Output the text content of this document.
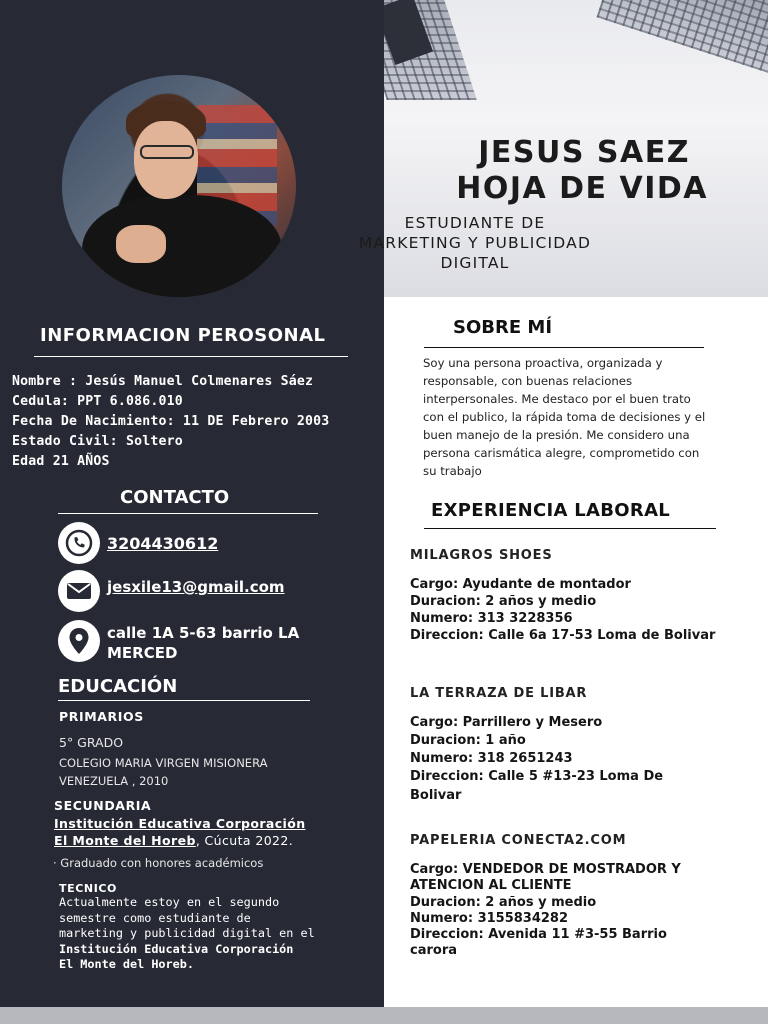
INFORMACION PEROSONAL
Nombre : Jesús Manuel Colmenares Sáez
Cedula: PPT 6.086.010
Fecha De Nacimiento: 11 DE Febrero 2003
Estado Civil: Soltero
Edad 21 AÑOS
CONTACTO
3204430612
jesxile13@gmail.com
calle 1A 5-63 barrio LA
MERCED
EDUCACIÓN
PRIMARIOS
5° GRADO
COLEGIO MARIA VIRGEN MISIONERA
VENEZUELA , 2010
SECUNDARIA
Institución Educativa Corporación
El Monte del Horeb, Cúcuta 2022.
· Graduado con honores académicos
TECNICO
Actualmente estoy en el segundo
semestre como estudiante de
marketing y publicidad digital en el
Institución Educativa Corporación
El Monte del Horeb.
JESUS SAEZ
HOJA DE VIDA
ESTUDIANTE DE
MARKETING Y PUBLICIDAD
DIGITAL
SOBRE MÍ
Soy una persona proactiva, organizada y
responsable, con buenas relaciones
interpersonales. Me destaco por el buen trato
con el publico, la rápida toma de decisiones y el
buen manejo de la presión. Me considero una
persona carismática alegre, comprometido con
su trabajo
EXPERIENCIA LABORAL
MILAGROS SHOES
Cargo: Ayudante de montador
Duracion: 2 años y medio
Numero: 313 3228356
Direccion: Calle 6a 17-53 Loma de Bolivar
LA TERRAZA DE LIBAR
Cargo: Parrillero y Mesero
Duracion: 1 año
Numero: 318 2651243
Direccion: Calle 5 #13-23 Loma De
Bolivar
PAPELERIA CONECTA2.COM
Cargo: VENDEDOR DE MOSTRADOR Y
ATENCION AL CLIENTE
Duracion: 2 años y medio
Numero: 3155834282
Direccion: Avenida 11 #3-55 Barrio
carora
